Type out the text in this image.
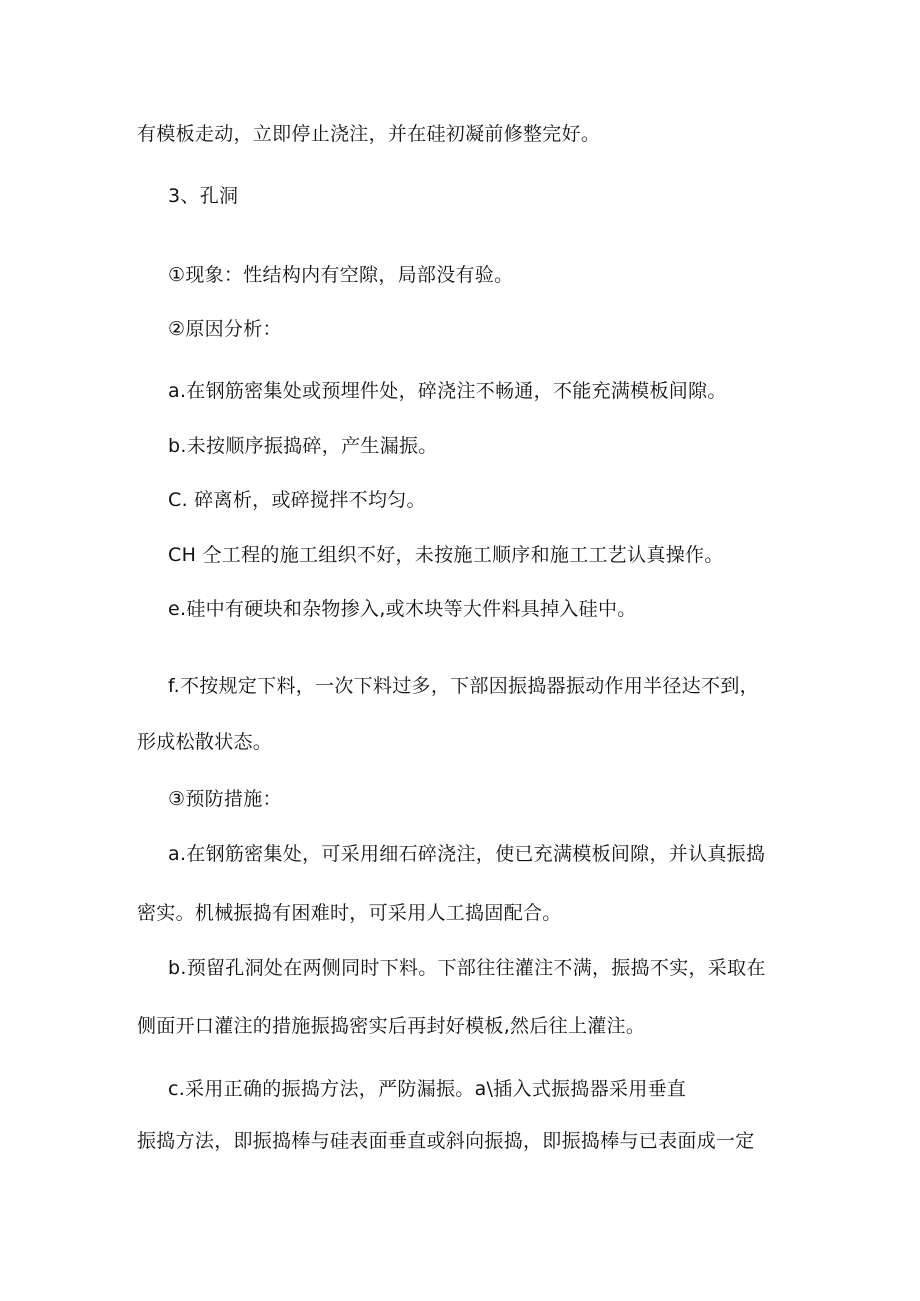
有模板走动，立即停止浇注，并在硅初凝前修整完好。
3、孔洞
①现象：性结构内有空隙，局部没有验。
②原因分析：
a.在钢筋密集处或预埋件处，碎浇注不畅通，不能充满模板间隙。
b.未按顺序振捣碎，产生漏振。
C. 碎离析，或碎搅拌不均匀。
CH 仝工程的施工组织不好，未按施工顺序和施工工艺认真操作。
e.硅中有硬块和杂物掺入,或木块等大件料具掉入硅中。
f.不按规定下料，一次下料过多，下部因振捣器振动作用半径达不到，
形成松散状态。
③预防措施：
a.在钢筋密集处，可采用细石碎浇注，使已充满模板间隙，并认真振捣
密实。机械振捣有困难时，可采用人工捣固配合。
b.预留孔洞处在两侧同时下料。下部往往灌注不满，振捣不实，采取在
侧面开口灌注的措施振捣密实后再封好模板,然后往上灌注。
c.采用正确的振捣方法，严防漏振。a\插入式振捣器采用垂直
振捣方法，即振捣棒与硅表面垂直或斜向振捣，即振捣棒与已表面成一定
